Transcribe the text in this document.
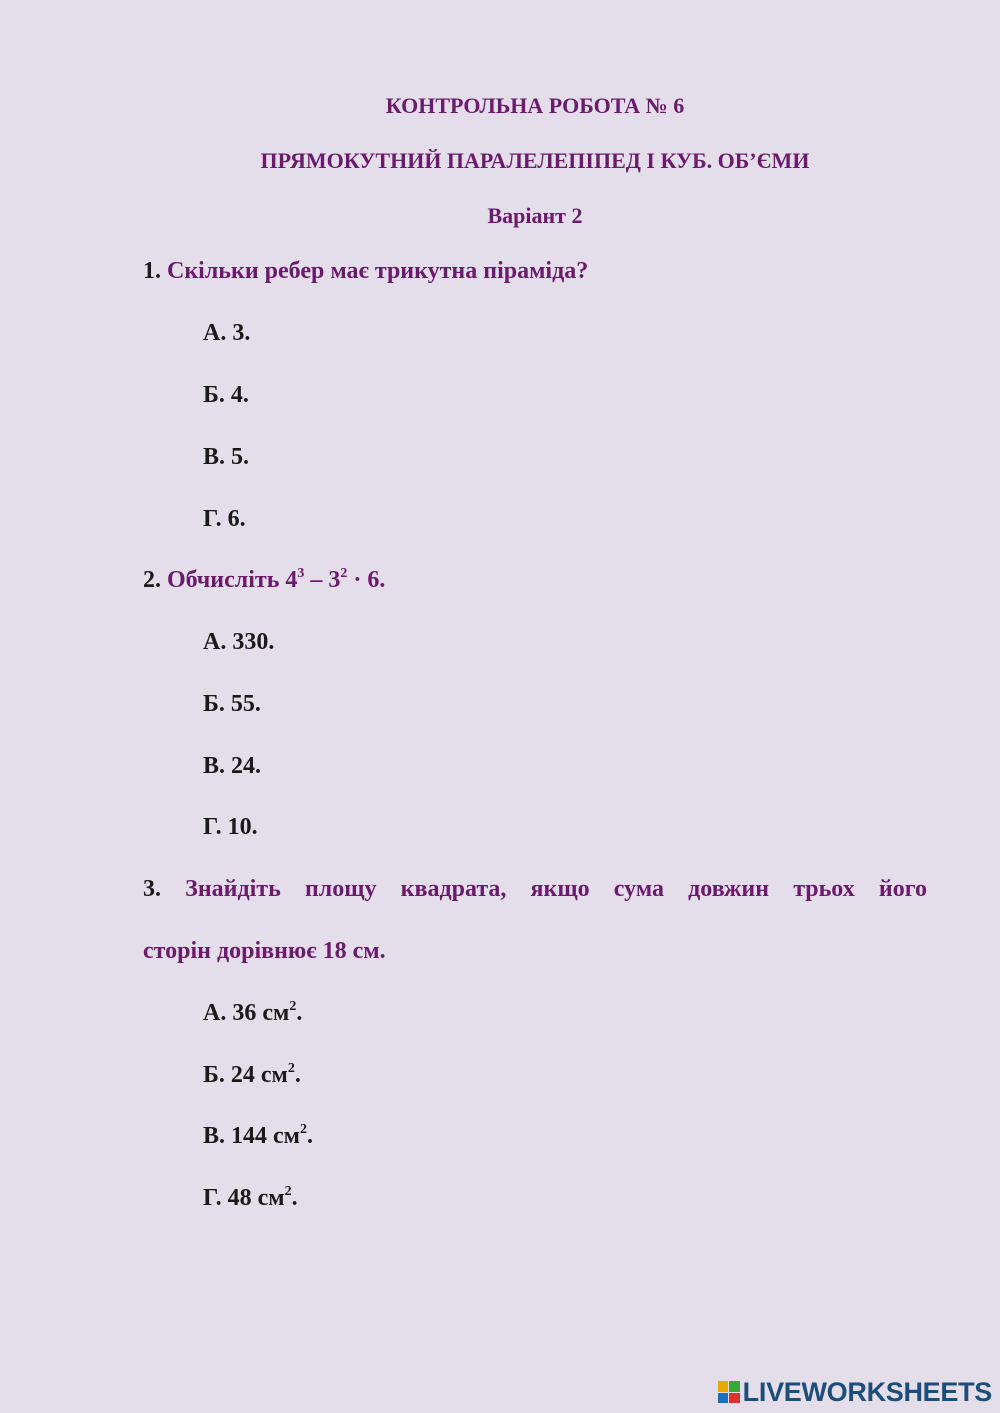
КОНТРОЛЬНА РОБОТА № 6
ПРЯМОКУТНИЙ ПАРАЛЕЛЕПІПЕД І КУБ. ОБ’ЄМИ
Варіант 2
1. Скільки ребер має трикутна піраміда?
А. 3.
Б. 4.
В. 5.
Г. 6.
2. Обчисліть $4^3 - 3^2 \cdot 6$.
А. 330.
Б. 55.
В. 24.
Г. 10.
3. Знайдіть площу квадрата, якщо сума довжин трьох його
сторін дорівнює 18 см.
А. 36 $см^2$.
Б. 24 $см^2$.
В. 144 $см^2$.
Г. 48 $см^2$.
LIVEWORKSHEETS
